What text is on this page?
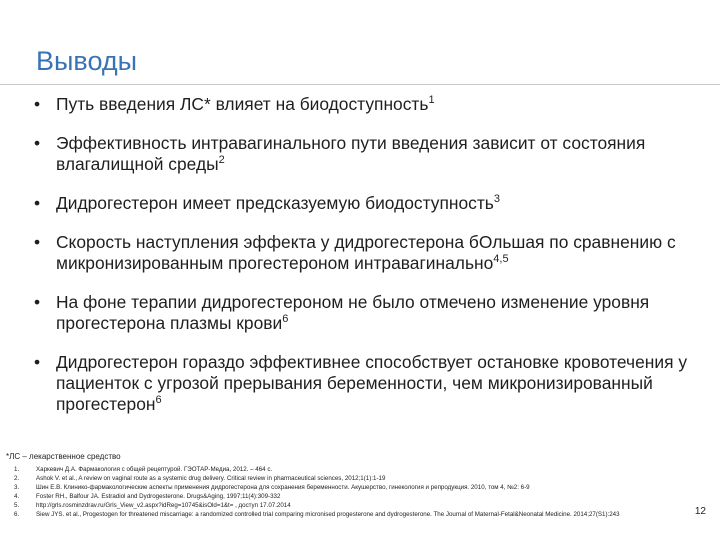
Выводы
• Путь введения ЛС* влияет на биодоступность$^1$
• Эффективность интравагинального пути введения зависит от состояния влагалищной среды$^2$
• Дидрогестерон имеет предсказуемую биодоступность$^3$
• Скорость наступления эффекта у дидрогестерона бОльшая по сравнению с микронизированным прогестероном интравагинально$^{4,5}$
• На фоне терапии дидрогестероном не было отмечено изменение уровня прогестерона плазмы крови$^6$
• Дидрогестерон гораздо эффективнее способствует остановке кровотечения у пациенток с угрозой прерывания беременности, чем микронизированный прогестерон$^6$
*ЛС – лекарственное средство
1.	Харкевич Д.А. Фармакология с общей рецептурой. ГЭОТАР-Медиа, 2012. – 464 с.
2.	Ashok V. et al., A review on vaginal route as a systemic drug delivery. Critical review in pharmaceutical sciences, 2012;1(1):1-19
3.	Шин Е.В. Клинико-фармакологические аспекты применения дидрогестерона для сохранения беременности. Акушерство, гинекология и репродукция. 2010, том 4, №2: 6-9
4.	Foster RH., Balfour JA. Estradiol and Dydrogesterone. Drugs&Aging, 1997;11(4):309-332
5.	http://grls.rosminzdrav.ru/Grls_View_v2.aspx?idReg=10745&isOld=1&t= , доступ 17.07.2014
6.	Siew JYS. et al., Progestogen for threatened miscarriage: a randomized controlled trial comparing micronised progesterone and dydrogesterone. The Journal of Maternal-Fetal&Neonatal Medicine. 2014;27(S1):243	12
